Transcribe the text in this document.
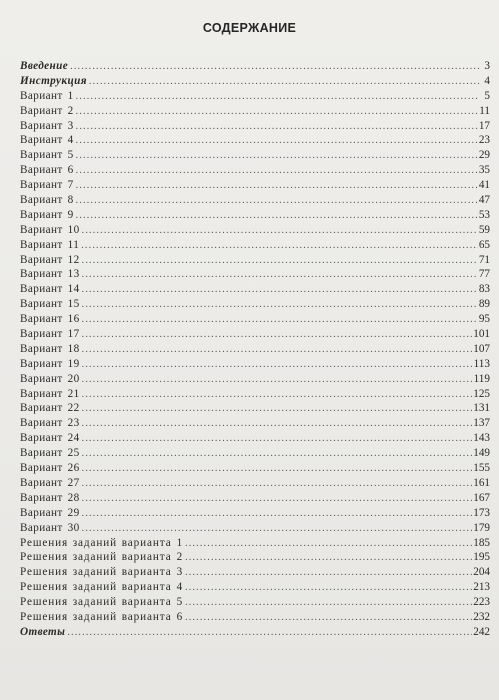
СОДЕРЖАНИЕ
Введение .....	3
Инструкция .....	4
Вариант 1 .....	5
Вариант 2 .....	11
Вариант 3 .....	17
Вариант 4 .....	23
Вариант 5 .....	29
Вариант 6 .....	35
Вариант 7 .....	41
Вариант 8 .....	47
Вариант 9 .....	53
Вариант 10 .....	59
Вариант 11 .....	65
Вариант 12 .....	71
Вариант 13 .....	77
Вариант 14 .....	83
Вариант 15 .....	89
Вариант 16 .....	95
Вариант 17 .....	101
Вариант 18 .....	107
Вариант 19 .....	113
Вариант 20 .....	119
Вариант 21 .....	125
Вариант 22 .....	131
Вариант 23 .....	137
Вариант 24 .....	143
Вариант 25 .....	149
Вариант 26 .....	155
Вариант 27 .....	161
Вариант 28 .....	167
Вариант 29 .....	173
Вариант 30 .....	179
Решения заданий варианта 1 .....	185
Решения заданий варианта 2 .....	195
Решения заданий варианта 3 .....	204
Решения заданий варианта 4 .....	213
Решения заданий варианта 5 .....	223
Решения заданий варианта 6 .....	232
Ответы .....	242
